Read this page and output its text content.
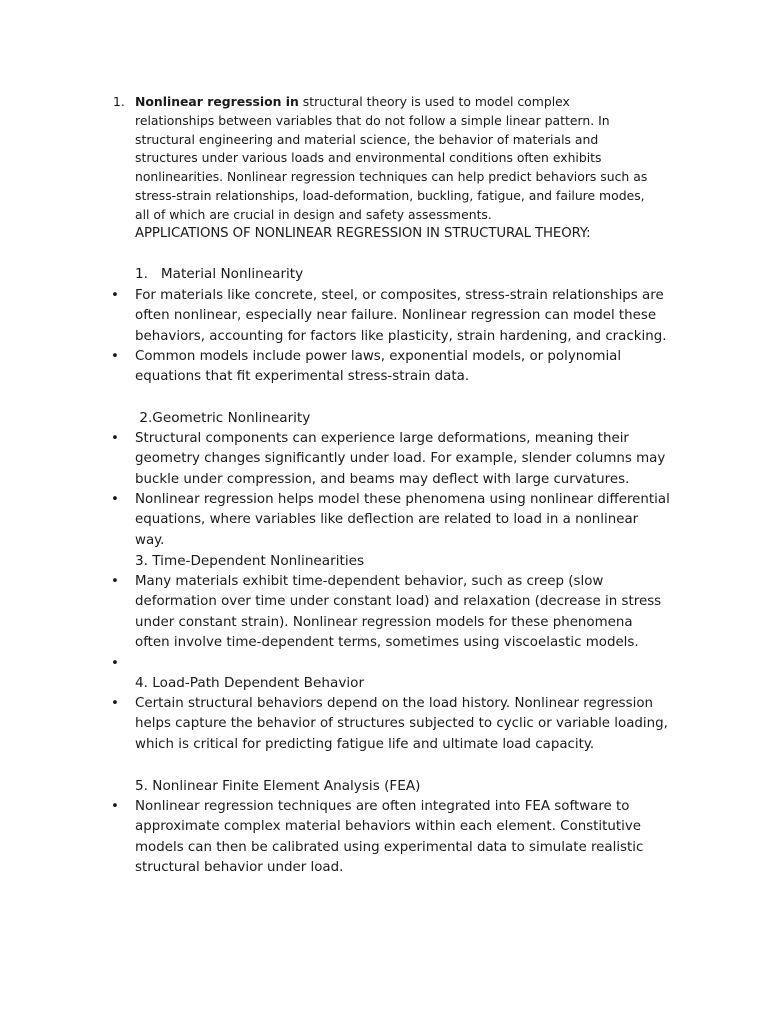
1. Nonlinear regression in structural theory is used to model complex relationships between variables that do not follow a simple linear pattern. In structural engineering and material science, the behavior of materials and structures under various loads and environmental conditions often exhibits nonlinearities. Nonlinear regression techniques can help predict behaviors such as stress-strain relationships, load-deformation, buckling, fatigue, and failure modes, all of which are crucial in design and safety assessments.
APPLICATIONS OF NONLINEAR REGRESSION IN STRUCTURAL THEORY:
1.   Material Nonlinearity
• For materials like concrete, steel, or composites, stress-strain relationships are often nonlinear, especially near failure. Nonlinear regression can model these behaviors, accounting for factors like plasticity, strain hardening, and cracking.
• Common models include power laws, exponential models, or polynomial equations that fit experimental stress-strain data.
2.Geometric Nonlinearity
• Structural components can experience large deformations, meaning their geometry changes significantly under load. For example, slender columns may buckle under compression, and beams may deflect with large curvatures.
• Nonlinear regression helps model these phenomena using nonlinear differential equations, where variables like deflection are related to load in a nonlinear way.
3. Time-Dependent Nonlinearities
• Many materials exhibit time-dependent behavior, such as creep (slow deformation over time under constant load) and relaxation (decrease in stress under constant strain). Nonlinear regression models for these phenomena often involve time-dependent terms, sometimes using viscoelastic models.
•
4. Load-Path Dependent Behavior
• Certain structural behaviors depend on the load history. Nonlinear regression helps capture the behavior of structures subjected to cyclic or variable loading, which is critical for predicting fatigue life and ultimate load capacity.
5. Nonlinear Finite Element Analysis (FEA)
• Nonlinear regression techniques are often integrated into FEA software to approximate complex material behaviors within each element. Constitutive models can then be calibrated using experimental data to simulate realistic structural behavior under load.
